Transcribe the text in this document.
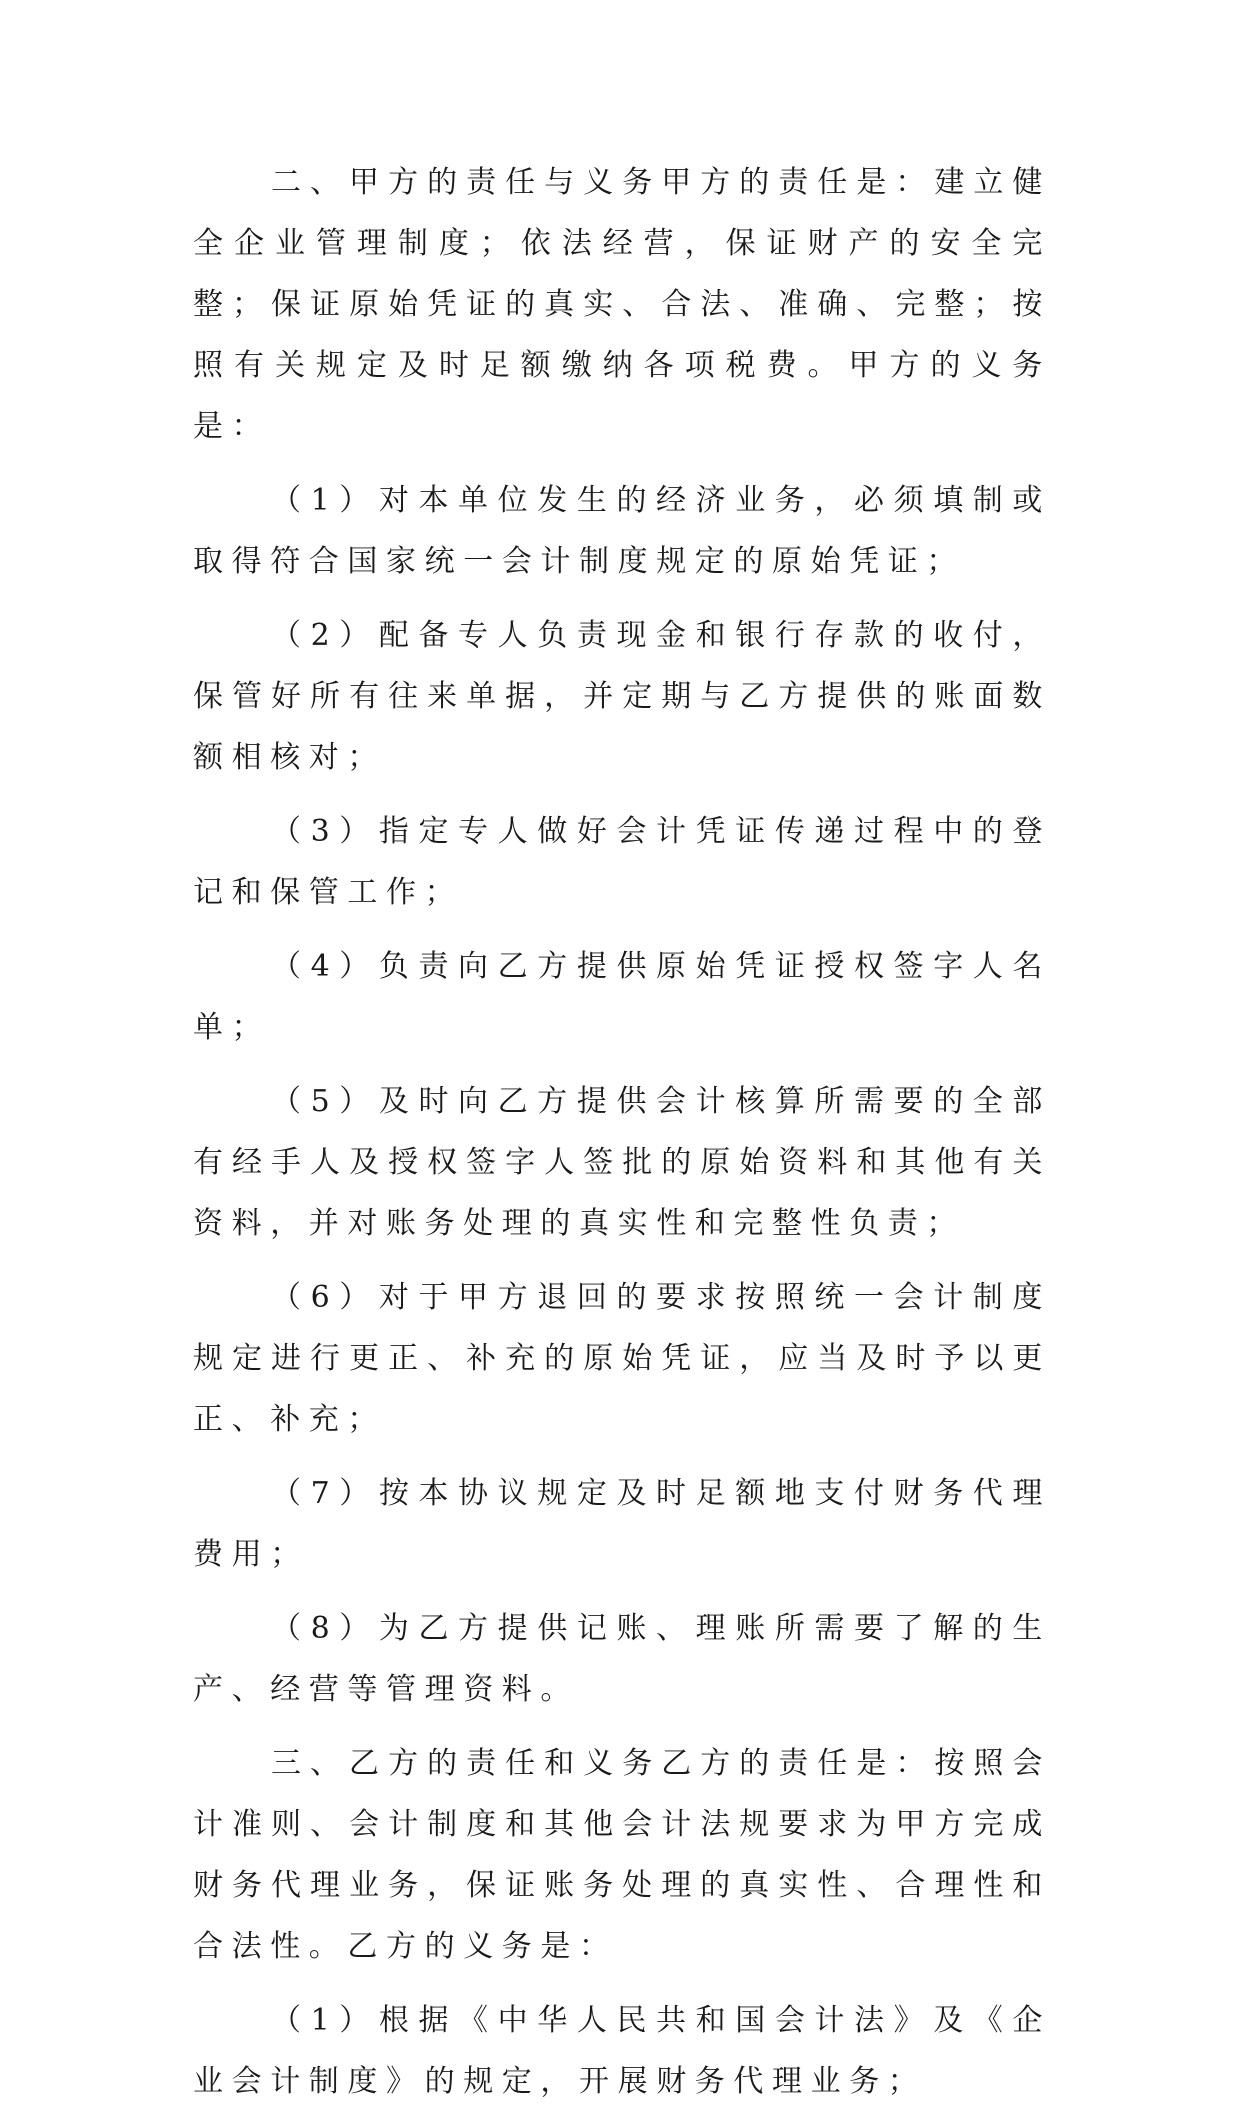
二、甲方的责任与义务甲方的责任是：建立健全企业管理制度；依法经营，保证财产的安全完整；保证原始凭证的真实、合法、准确、完整；按照有关规定及时足额缴纳各项税费。甲方的义务是：

（1）对本单位发生的经济业务，必须填制或取得符合国家统一会计制度规定的原始凭证；

（2）配备专人负责现金和银行存款的收付，保管好所有往来单据，并定期与乙方提供的账面数额相核对；

（3）指定专人做好会计凭证传递过程中的登记和保管工作；

（4）负责向乙方提供原始凭证授权签字人名单；

（5）及时向乙方提供会计核算所需要的全部有经手人及授权签字人签批的原始资料和其他有关资料，并对账务处理的真实性和完整性负责；

（6）对于甲方退回的要求按照统一会计制度规定进行更正、补充的原始凭证，应当及时予以更正、补充；

（7）按本协议规定及时足额地支付财务代理费用；

（8）为乙方提供记账、理账所需要了解的生产、经营等管理资料。

三、乙方的责任和义务乙方的责任是：按照会计准则、会计制度和其他会计法规要求为甲方完成财务代理业务，保证账务处理的真实性、合理性和合法性。乙方的义务是：

（1）根据《中华人民共和国会计法》及《企业会计制度》的规定，开展财务代理业务；
